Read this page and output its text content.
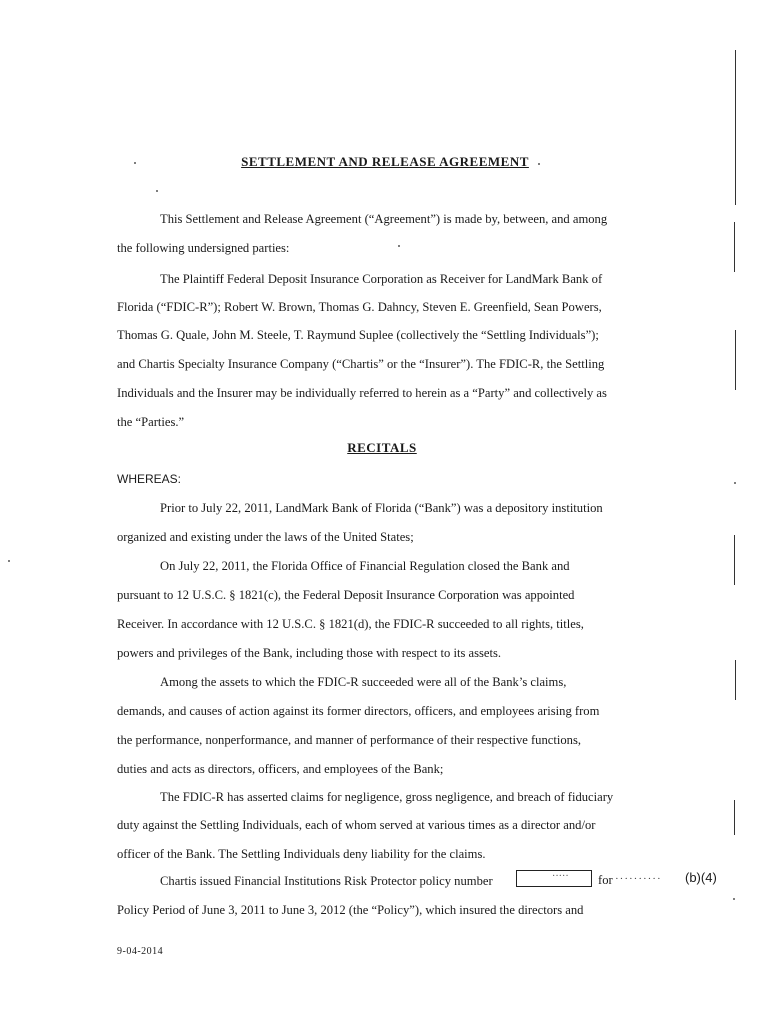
SETTLEMENT AND RELEASE AGREEMENT
This Settlement and Release Agreement (“Agreement”) is made by, between, and among
the following undersigned parties:
The Plaintiff Federal Deposit Insurance Corporation as Receiver for LandMark Bank of
Florida (“FDIC-R”); Robert W. Brown, Thomas G. Dahncy, Steven E. Greenfield, Sean Powers,
Thomas G. Quale, John M. Steele, T. Raymund Suplee (collectively the “Settling Individuals”);
and Chartis Specialty Insurance Company (“Chartis” or the “Insurer”). The FDIC-R, the Settling
Individuals and the Insurer may be individually referred to herein as a “Party” and collectively as
the “Parties.”
RECITALS
WHEREAS:
Prior to July 22, 2011, LandMark Bank of Florida (“Bank”) was a depository institution
organized and existing under the laws of the United States;
On July 22, 2011, the Florida Office of Financial Regulation closed the Bank and
pursuant to 12 U.S.C. § 1821(c), the Federal Deposit Insurance Corporation was appointed
Receiver. In accordance with 12 U.S.C. § 1821(d), the FDIC-R succeeded to all rights, titles,
powers and privileges of the Bank, including those with respect to its assets.
Among the assets to which the FDIC-R succeeded were all of the Bank’s claims,
demands, and causes of action against its former directors, officers, and employees arising from
the performance, nonperformance, and manner of performance of their respective functions,
duties and acts as directors, officers, and employees of the Bank;
The FDIC-R has asserted claims for negligence, gross negligence, and breach of fiduciary
duty against the Settling Individuals, each of whom served at various times as a director and/or
officer of the Bank. The Settling Individuals deny liability for the claims.
Chartis issued Financial Institutions Risk Protector policy number	····· for ·········· (b)(4)
Policy Period of June 3, 2011 to June 3, 2012 (the “Policy”), which insured the directors and
9-04-2014
